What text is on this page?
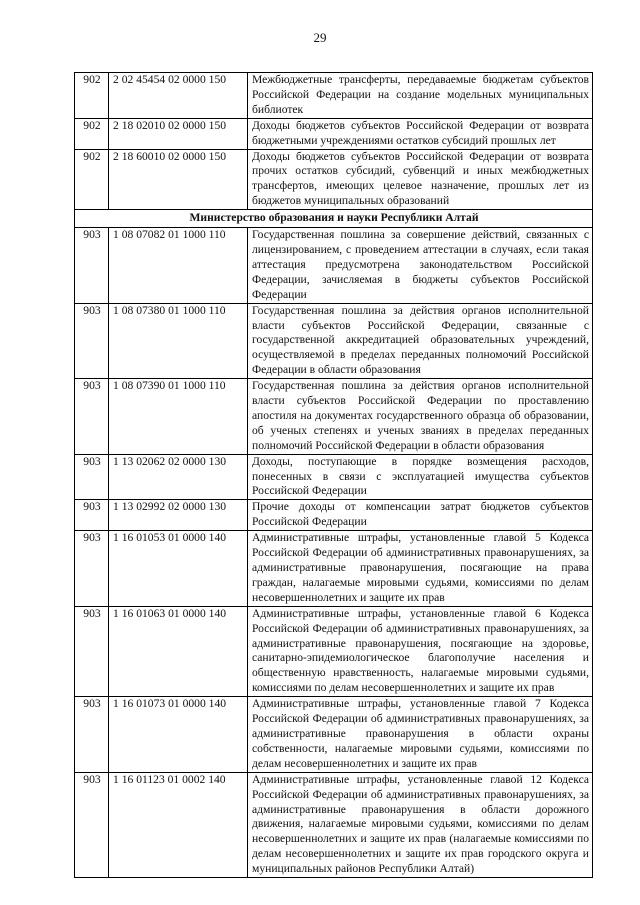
29
902	2 02 45454 02 0000 150	Межбюджетные трансферты, передаваемые бюджетам субъектов Российской Федерации на создание модельных муниципальных библиотек
902	2 18 02010 02 0000 150	Доходы бюджетов субъектов Российской Федерации от возврата бюджетными учреждениями остатков субсидий прошлых лет
902	2 18 60010 02 0000 150	Доходы бюджетов субъектов Российской Федерации от возврата прочих остатков субсидий, субвенций и иных межбюджетных трансфертов, имеющих целевое назначение, прошлых лет из бюджетов муниципальных образований
Министерство образования и науки Республики Алтай		
903	1 08 07082 01 1000 110	Государственная пошлина за совершение действий, связанных с лицензированием, с проведением аттестации в случаях, если такая аттестация предусмотрена законодательством Российской Федерации, зачисляемая в бюджеты субъектов Российской Федерации
903	1 08 07380 01 1000 110	Государственная пошлина за действия органов исполнительной власти субъектов Российской Федерации, связанные с государственной аккредитацией образовательных учреждений, осуществляемой в пределах переданных полномочий Российской Федерации в области образования
903	1 08 07390 01 1000 110	Государственная пошлина за действия органов исполнительной власти субъектов Российской Федерации по проставлению апостиля на документах государственного образца об образовании, об ученых степенях и ученых званиях в пределах переданных полномочий Российской Федерации в области образования
903	1 13 02062 02 0000 130	Доходы, поступающие в порядке возмещения расходов, понесенных в связи с эксплуатацией имущества субъектов Российской Федерации
903	1 13 02992 02 0000 130	Прочие доходы от компенсации затрат бюджетов субъектов Российской Федерации
903	1 16 01053 01 0000 140	Административные штрафы, установленные главой 5 Кодекса Российской Федерации об административных правонарушениях, за административные правонарушения, посягающие на права граждан, налагаемые мировыми судьями, комиссиями по делам несовершеннолетних и защите их прав
903	1 16 01063 01 0000 140	Административные штрафы, установленные главой 6 Кодекса Российской Федерации об административных правонарушениях, за административные правонарушения, посягающие на здоровье, санитарно-эпидемиологическое благополучие населения и общественную нравственность, налагаемые мировыми судьями, комиссиями по делам несовершеннолетних и защите их прав
903	1 16 01073 01 0000 140	Административные штрафы, установленные главой 7 Кодекса Российской Федерации об административных правонарушениях, за административные правонарушения в области охраны собственности, налагаемые мировыми судьями, комиссиями по делам несовершеннолетних и защите их прав
903	1 16 01123 01 0002 140	Административные штрафы, установленные главой 12 Кодекса Российской Федерации об административных правонарушениях, за административные правонарушения в области дорожного движения, налагаемые мировыми судьями, комиссиями по делам несовершеннолетних и защите их прав (налагаемые комиссиями по делам несовершеннолетних и защите их прав городского округа и муниципальных районов Республики Алтай)
